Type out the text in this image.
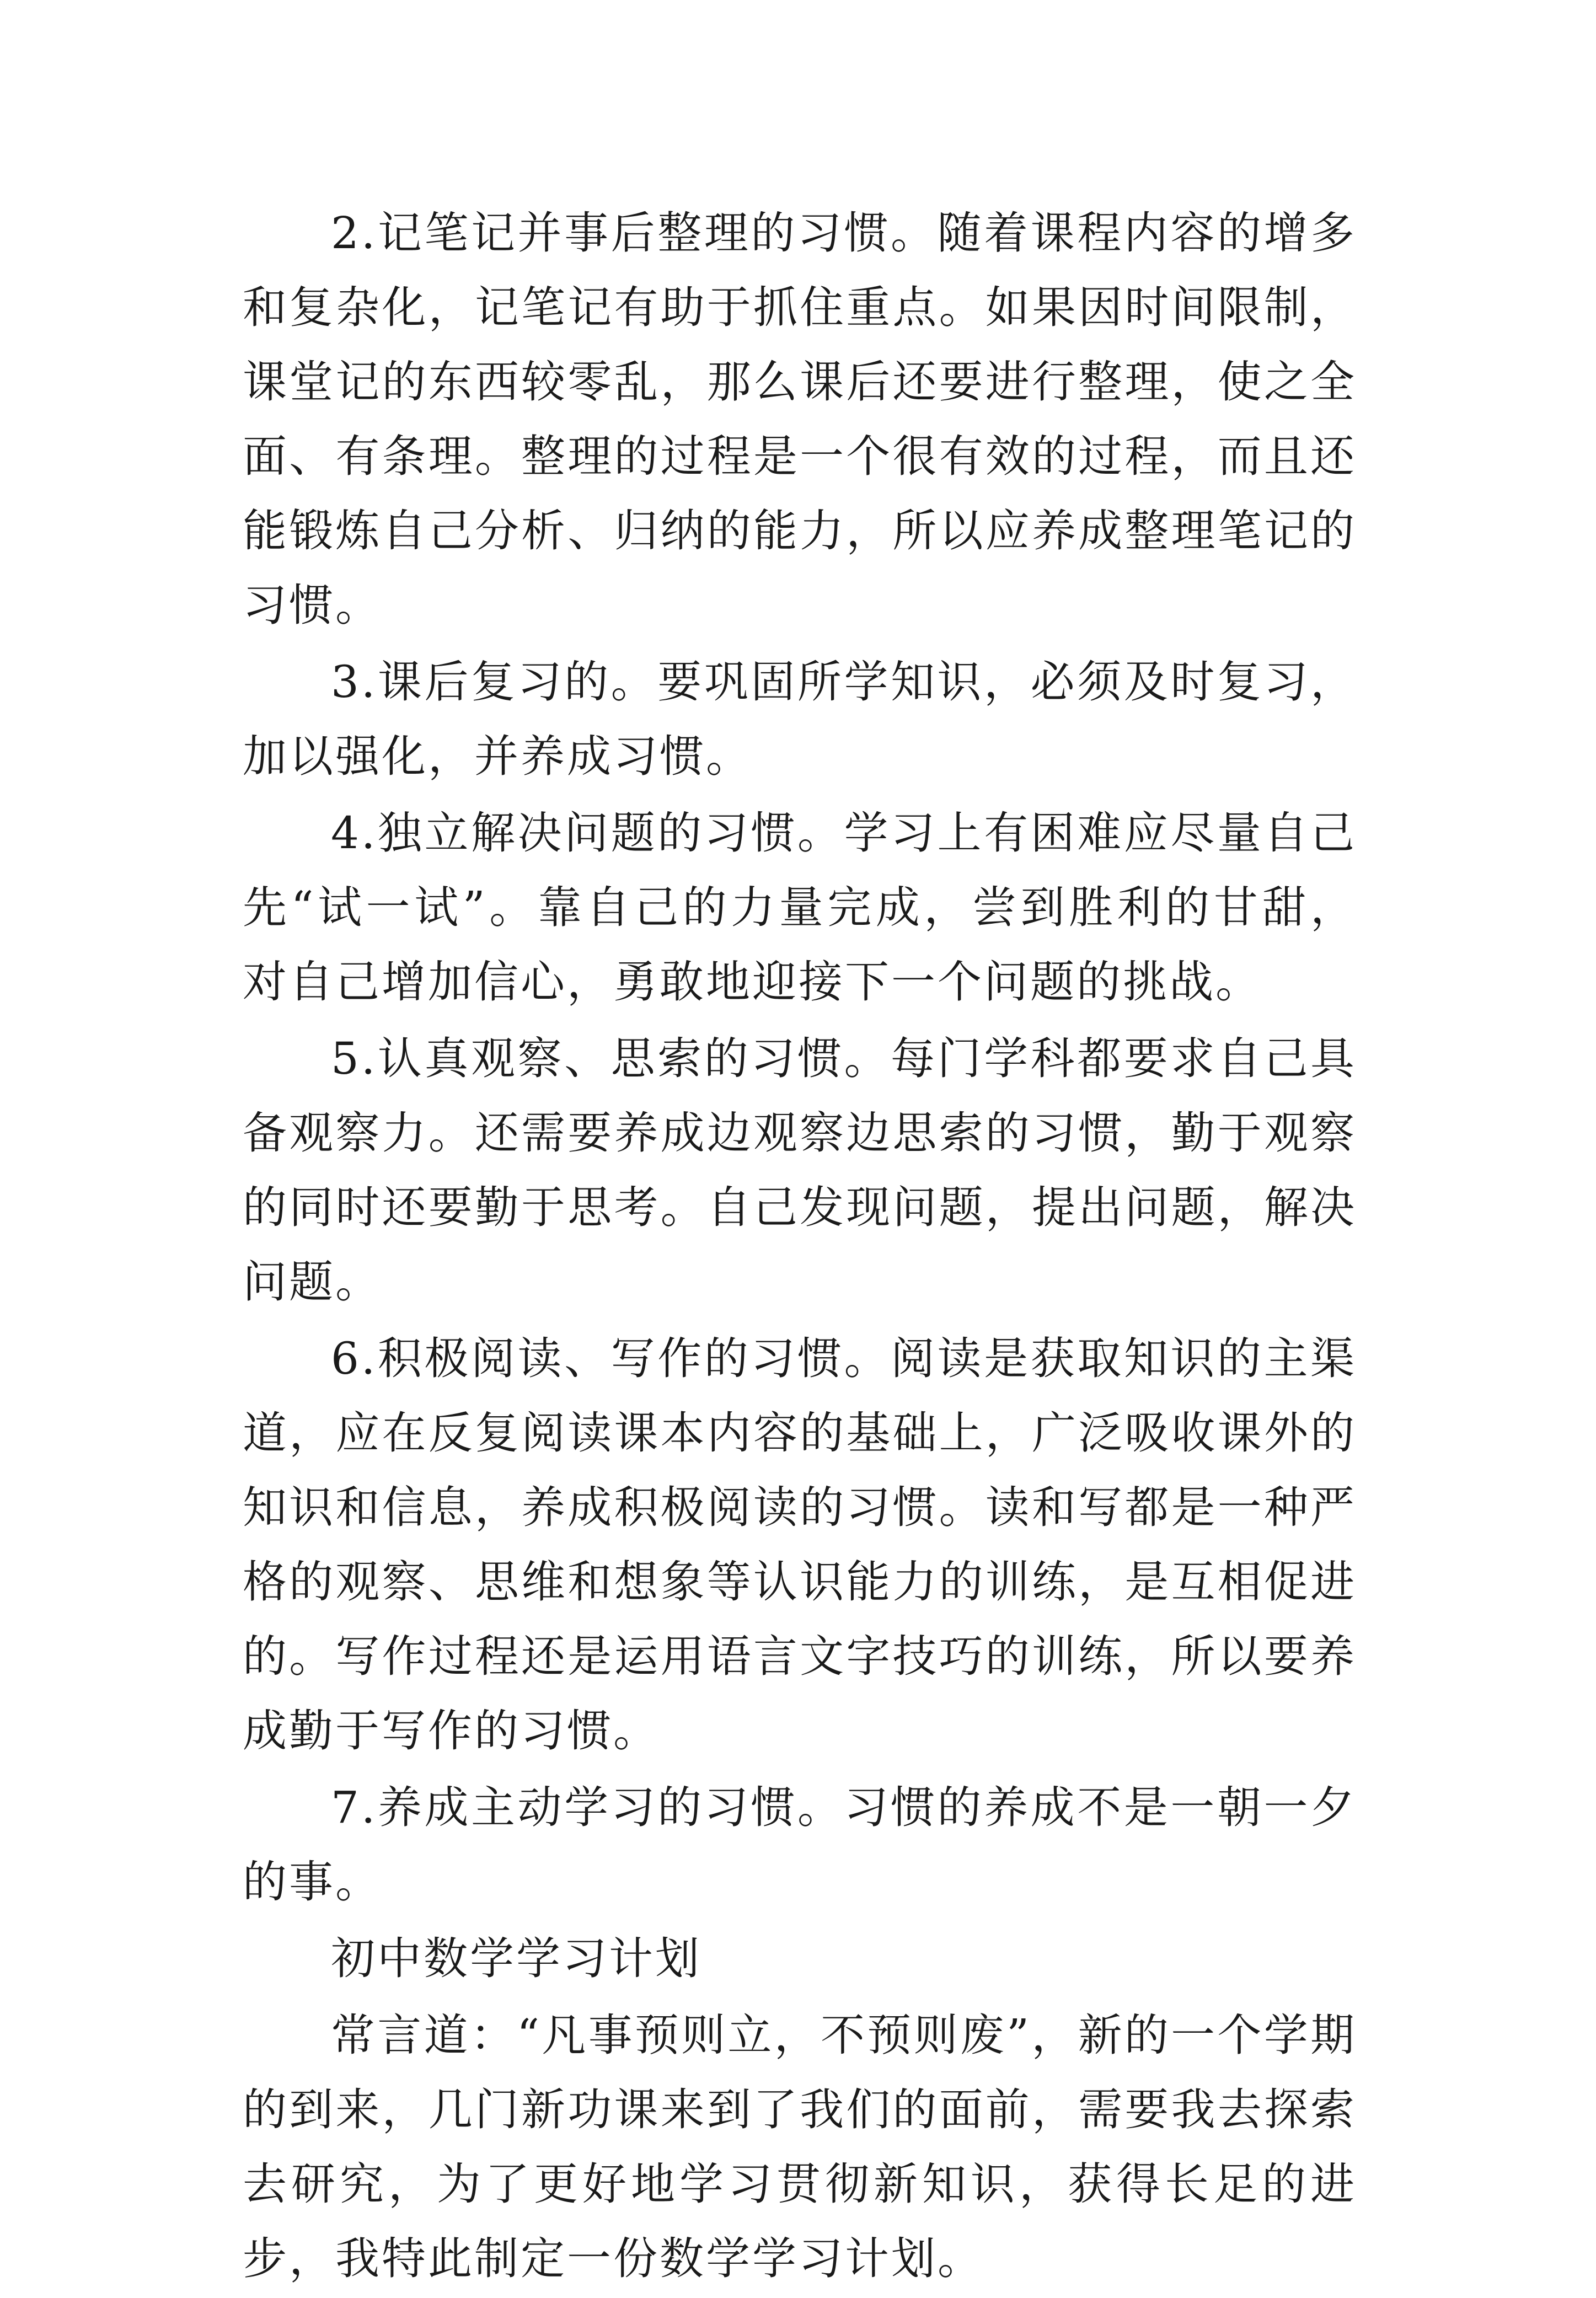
2.记笔记并事后整理的习惯。随着课程内容的增多和复杂化，记笔记有助于抓住重点。如果因时间限制，课堂记的东西较零乱，那么课后还要进行整理，使之全面、有条理。整理的过程是一个很有效的过程，而且还能锻炼自己分析、归纳的能力，所以应养成整理笔记的习惯。

3.课后复习的。要巩固所学知识，必须及时复习，加以强化，并养成习惯。

4.独立解决问题的习惯。学习上有困难应尽量自己先“试一试”。靠自己的力量完成，尝到胜利的甘甜，对自己增加信心，勇敢地迎接下一个问题的挑战。

5.认真观察、思索的习惯。每门学科都要求自己具备观察力。还需要养成边观察边思索的习惯，勤于观察的同时还要勤于思考。自己发现问题，提出问题，解决问题。

6.积极阅读、写作的习惯。阅读是获取知识的主渠道，应在反复阅读课本内容的基础上，广泛吸收课外的知识和信息，养成积极阅读的习惯。读和写都是一种严格的观察、思维和想象等认识能力的训练，是互相促进的。写作过程还是运用语言文字技巧的训练，所以要养成勤于写作的习惯。

7.养成主动学习的习惯。习惯的养成不是一朝一夕的事。

初中数学学习计划

常言道：“凡事预则立，不预则废”，新的一个学期的到来，几门新功课来到了我们的面前，需要我去探索去研究，为了更好地学习贯彻新知识，获得长足的进步，我特此制定一份数学学习计划。
